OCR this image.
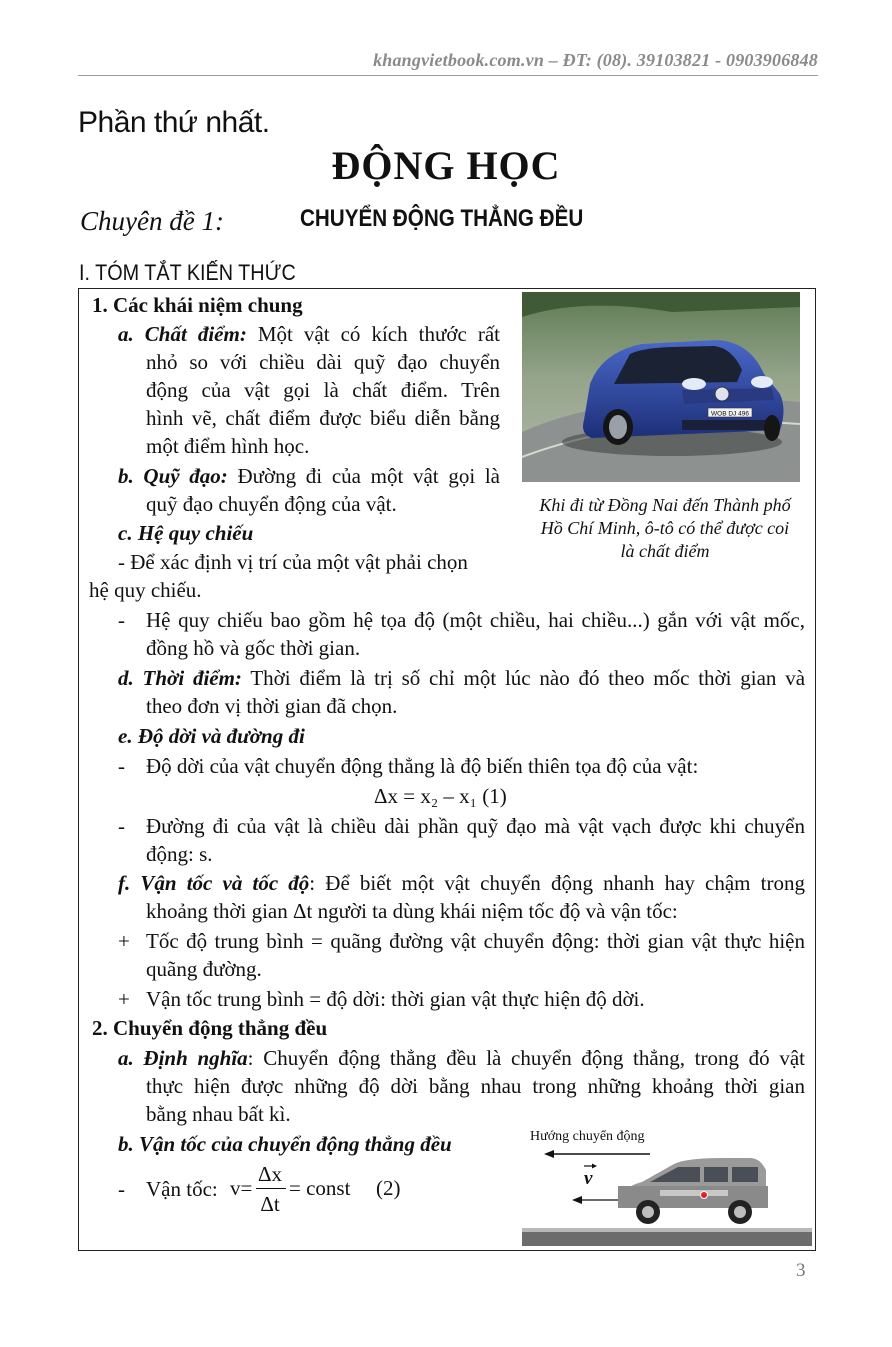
khangvietbook.com.vn – ĐT: (08). 39103821 - 0903906848
Phần thứ nhất.
ĐỘNG HỌC
Chuyên đề 1:	CHUYỂN ĐỘNG THẲNG ĐỀU
I. TÓM TẮT KIẾN THỨC
1. Các khái niệm chung
a. Chất điểm: Một vật có kích thước rất
nhỏ so với chiều dài quỹ đạo chuyển
động của vật gọi là chất điểm. Trên
hình vẽ, chất điểm được biểu diễn bằng
một điểm hình học.
b. Quỹ đạo: Đường đi của một vật gọi là
quỹ đạo chuyển động của vật.
c. Hệ quy chiếu
- Để xác định vị trí của một vật phải chọn
hệ quy chiếu.
- Hệ quy chiếu bao gồm hệ tọa độ (một chiều, hai chiều...) gắn với vật mốc,
đồng hồ và gốc thời gian.
d. Thời điểm: Thời điểm là trị số chỉ một lúc nào đó theo mốc thời gian và
theo đơn vị thời gian đã chọn.
e. Độ dời và đường đi
- Độ dời của vật chuyển động thẳng là độ biến thiên tọa độ của vật:
Δx = x₂ – x₁ (1)
- Đường đi của vật là chiều dài phần quỹ đạo mà vật vạch được khi chuyển
động: s.
f. Vận tốc và tốc độ: Để biết một vật chuyển động nhanh hay chậm trong
khoảng thời gian Δt người ta dùng khái niệm tốc độ và vận tốc:
+ Tốc độ trung bình = quãng đường vật chuyển động: thời gian vật thực hiện
quãng đường.
+ Vận tốc trung bình = độ dời: thời gian vật thực hiện độ dời.
2. Chuyển động thẳng đều
a. Định nghĩa: Chuyển động thẳng đều là chuyển động thẳng, trong đó vật
thực hiện được những độ dời bằng nhau trong những khoảng thời gian
bằng nhau bất kì.
b. Vận tốc của chuyển động thẳng đều
- Vận tốc: v=
Δx
Δt
= const (2)
WOB DJ 496
Khi đi từ Đồng Nai đến Thành phố
Hồ Chí Minh, ô-tô có thể được coi
là chất điểm
Hướng chuyển động
v
3
